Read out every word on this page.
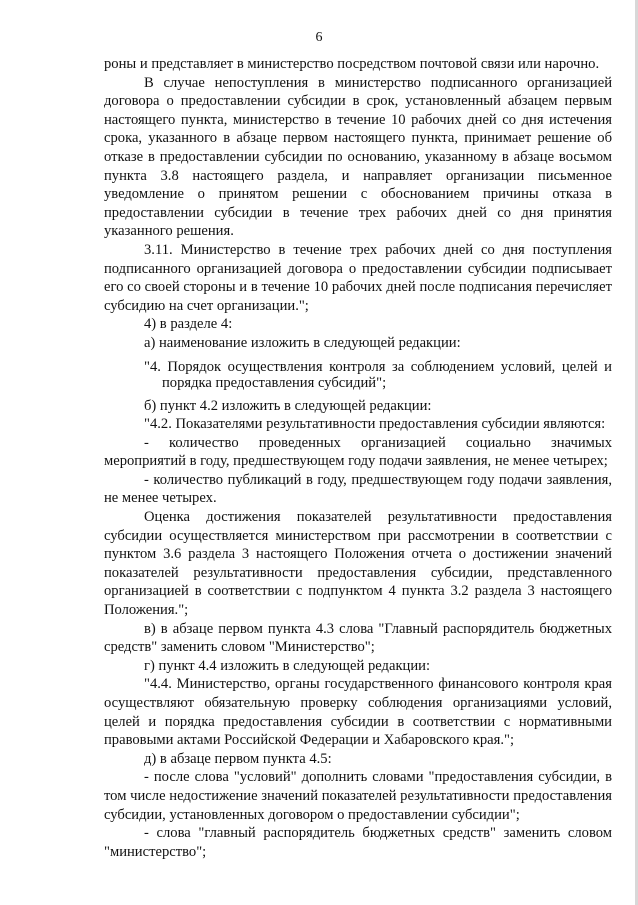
6

роны и представляет в министерство посредством почтовой связи или нарочно.

В случае непоступления в министерство подписанного организацией договора о предоставлении субсидии в срок, установленный абзацем первым настоящего пункта, министерство в течение 10 рабочих дней со дня истечения срока, указанного в абзаце первом настоящего пункта, принимает решение об отказе в предоставлении субсидии по основанию, указанному в абзаце восьмом пункта 3.8 настоящего раздела, и направляет организации письменное уведомление о принятом решении с обоснованием причины отказа в предоставлении субсидии в течение трех рабочих дней со дня принятия указанного решения.

3.11. Министерство в течение трех рабочих дней со дня поступления подписанного организацией договора о предоставлении субсидии подписывает его со своей стороны и в течение 10 рабочих дней после подписания перечисляет субсидию на счет организации.";

4) в разделе 4:

а) наименование изложить в следующей редакции:

"4. Порядок осуществления контроля за соблюдением условий, целей и порядка предоставления субсидий";

б) пункт 4.2 изложить в следующей редакции:

"4.2. Показателями результативности предоставления субсидии являются:

- количество проведенных организацией социально значимых мероприятий в году, предшествующем году подачи заявления, не менее четырех;

- количество публикаций в году, предшествующем году подачи заявления, не менее четырех.

Оценка достижения показателей результативности предоставления субсидии осуществляется министерством при рассмотрении в соответствии с пунктом 3.6 раздела 3 настоящего Положения отчета о достижении значений показателей результативности предоставления субсидии, представленного организацией в соответствии с подпунктом 4 пункта 3.2 раздела 3 настоящего Положения.";

в) в абзаце первом пункта 4.3 слова "Главный распорядитель бюджетных средств" заменить словом "Министерство";

г) пункт 4.4 изложить в следующей редакции:

"4.4. Министерство, органы государственного финансового контроля края осуществляют обязательную проверку соблюдения организациями условий, целей и порядка предоставления субсидии в соответствии с нормативными правовыми актами Российской Федерации и Хабаровского края.";

д) в абзаце первом пункта 4.5:

- после слова "условий" дополнить словами "предоставления субсидии, в том числе недостижение значений показателей результативности предоставления субсидии, установленных договором о предоставлении субсидии";

- слова "главный распорядитель бюджетных средств" заменить словом "министерство";
